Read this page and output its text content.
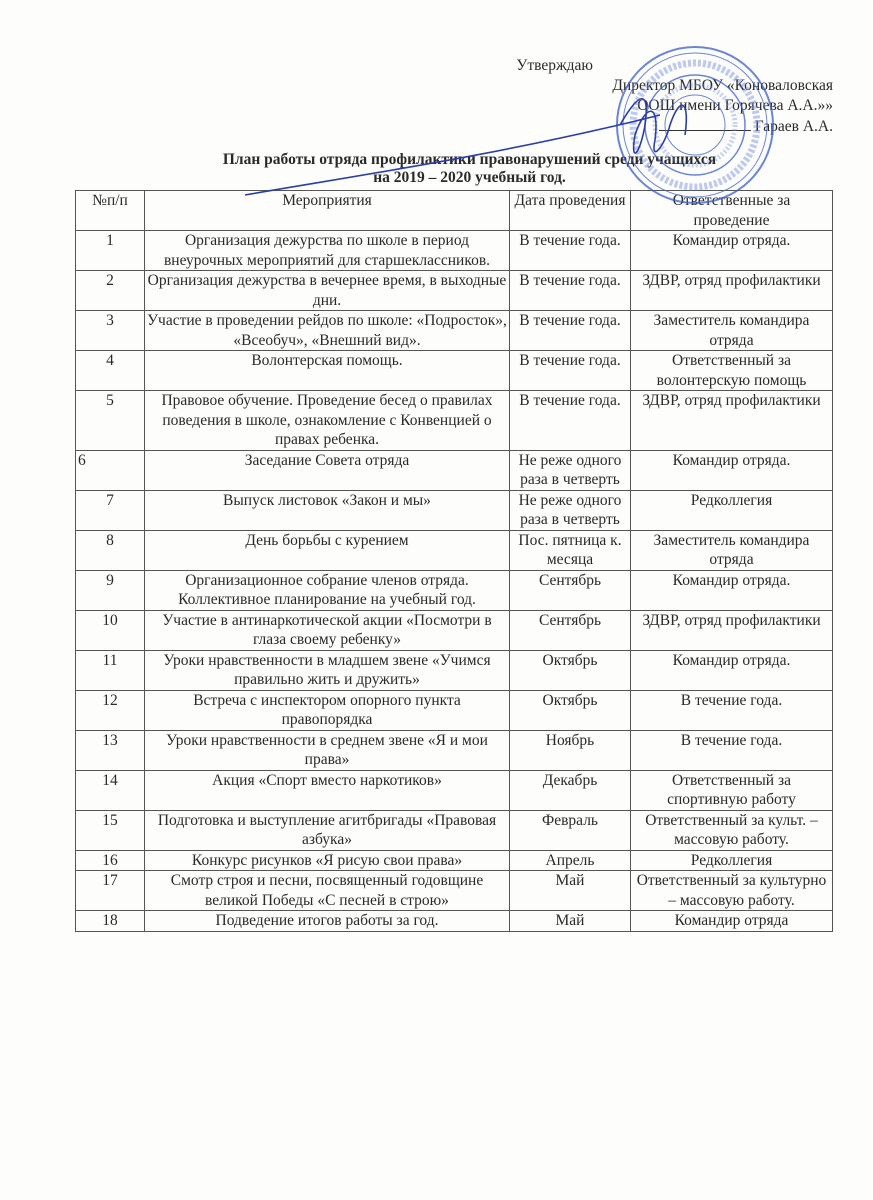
Утверждаю
Директор МБОУ «Коноваловская
ООШ имени Горячева А.А.»»
Гараев А.А.
План работы отряда профилактики правонарушений среди учащихся
на 2019 – 2020 учебный год.
№п/п	Мероприятия	Дата проведения	Ответственные за проведение
1	Организация дежурства по школе в период внеурочных мероприятий для старшеклассников.	В течение года.	Командир отряда.
2	Организация дежурства в вечернее время, в выходные дни.	В течение года.	ЗДВР, отряд профилактики
3	Участие в проведении рейдов по школе: «Подросток», «Всеобуч», «Внешний вид».	В течение года.	Заместитель командира отряда
4	Волонтерская помощь.	В течение года.	Ответственный за волонтерскую помощь
5	Правовое обучение. Проведение бесед о правилах поведения в школе, ознакомление с Конвенцией о правах ребенка.	В течение года.	ЗДВР, отряд профилактики
6	Заседание Совета отряда	Не реже одного раза в четверть	Командир отряда.
7	Выпуск листовок «Закон и мы»	Не реже одного раза в четверть	Редколлегия
8	День борьбы с курением	Пос. пятница к. месяца	Заместитель командира отряда
9	Организационное собрание членов отряда. Коллективное планирование на учебный год.	Сентябрь	Командир отряда.
10	Участие в антинаркотической акции «Посмотри в глаза своему ребенку»	Сентябрь	ЗДВР, отряд профилактики
11	Уроки нравственности в младшем звене «Учимся правильно жить и дружить»	Октябрь	Командир отряда.
12	Встреча с инспектором опорного пункта правопорядка	Октябрь	В течение года.
13	Уроки нравственности в среднем звене «Я и мои права»	Ноябрь	В течение года.
14	Акция «Спорт вместо наркотиков»	Декабрь	Ответственный за спортивную работу
15	Подготовка и выступление агитбригады «Правовая азбука»	Февраль	Ответственный за культ. – массовую работу.
16	Конкурс рисунков «Я рисую свои права»	Апрель	Редколлегия
17	Смотр строя и песни, посвященный годовщине великой Победы «С песней в строю»	Май	Ответственный за культурно – массовую работу.
18	Подведение итогов работы за год.	Май	Командир отряда
